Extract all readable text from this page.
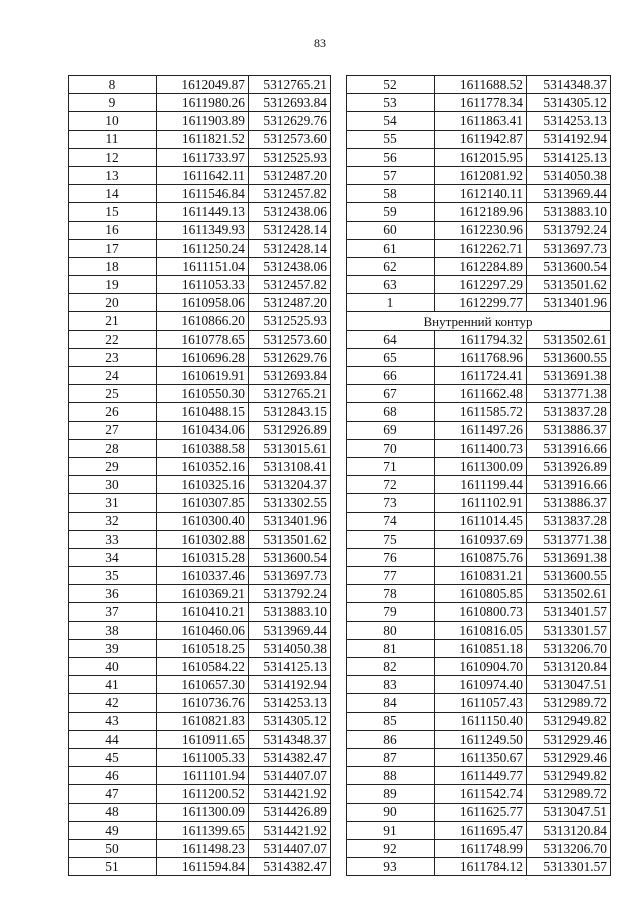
83
8	1612049.87	5312765.21
9	1611980.26	5312693.84
10	1611903.89	5312629.76
11	1611821.52	5312573.60
12	1611733.97	5312525.93
13	1611642.11	5312487.20
14	1611546.84	5312457.82
15	1611449.13	5312438.06
16	1611349.93	5312428.14
17	1611250.24	5312428.14
18	1611151.04	5312438.06
19	1611053.33	5312457.82
20	1610958.06	5312487.20
21	1610866.20	5312525.93
22	1610778.65	5312573.60
23	1610696.28	5312629.76
24	1610619.91	5312693.84
25	1610550.30	5312765.21
26	1610488.15	5312843.15
27	1610434.06	5312926.89
28	1610388.58	5313015.61
29	1610352.16	5313108.41
30	1610325.16	5313204.37
31	1610307.85	5313302.55
32	1610300.40	5313401.96
33	1610302.88	5313501.62
34	1610315.28	5313600.54
35	1610337.46	5313697.73
36	1610369.21	5313792.24
37	1610410.21	5313883.10
38	1610460.06	5313969.44
39	1610518.25	5314050.38
40	1610584.22	5314125.13
41	1610657.30	5314192.94
42	1610736.76	5314253.13
43	1610821.83	5314305.12
44	1610911.65	5314348.37
45	1611005.33	5314382.47
46	1611101.94	5314407.07
47	1611200.52	5314421.92
48	1611300.09	5314426.89
49	1611399.65	5314421.92
50	1611498.23	5314407.07
51	1611594.84	5314382.47
52	1611688.52	5314348.37
53	1611778.34	5314305.12
54	1611863.41	5314253.13
55	1611942.87	5314192.94
56	1612015.95	5314125.13
57	1612081.92	5314050.38
58	1612140.11	5313969.44
59	1612189.96	5313883.10
60	1612230.96	5313792.24
61	1612262.71	5313697.73
62	1612284.89	5313600.54
63	1612297.29	5313501.62
1	1612299.77	5313401.96
Внутренний контур		
64	1611794.32	5313502.61
65	1611768.96	5313600.55
66	1611724.41	5313691.38
67	1611662.48	5313771.38
68	1611585.72	5313837.28
69	1611497.26	5313886.37
70	1611400.73	5313916.66
71	1611300.09	5313926.89
72	1611199.44	5313916.66
73	1611102.91	5313886.37
74	1611014.45	5313837.28
75	1610937.69	5313771.38
76	1610875.76	5313691.38
77	1610831.21	5313600.55
78	1610805.85	5313502.61
79	1610800.73	5313401.57
80	1610816.05	5313301.57
81	1610851.18	5313206.70
82	1610904.70	5313120.84
83	1610974.40	5313047.51
84	1611057.43	5312989.72
85	1611150.40	5312949.82
86	1611249.50	5312929.46
87	1611350.67	5312929.46
88	1611449.77	5312949.82
89	1611542.74	5312989.72
90	1611625.77	5313047.51
91	1611695.47	5313120.84
92	1611748.99	5313206.70
93	1611784.12	5313301.57
